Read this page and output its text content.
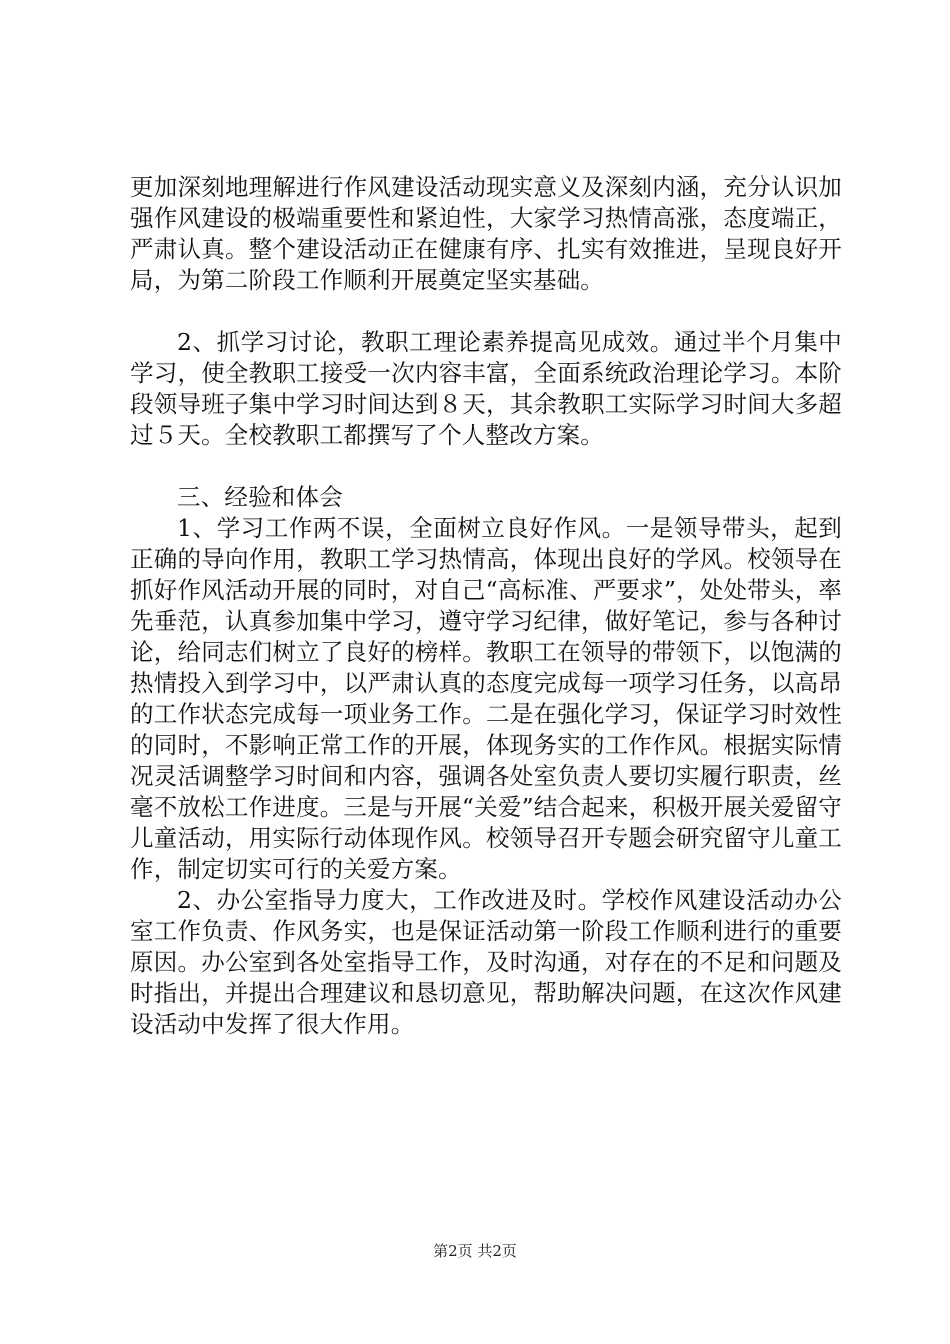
更加深刻地理解进行作风建设活动现实意义及深刻内涵，充分认识加强作风建设的极端重要性和紧迫性，大家学习热情高涨，态度端正，严肃认真。整个建设活动正在健康有序、扎实有效推进，呈现良好开局，为第二阶段工作顺利开展奠定坚实基础。

2、抓学习讨论，教职工理论素养提高见成效。通过半个月集中学习，使全教职工接受一次内容丰富，全面系统政治理论学习。本阶段领导班子集中学习时间达到８天，其余教职工实际学习时间大多超过５天。全校教职工都撰写了个人整改方案。

三、经验和体会

1、学习工作两不误，全面树立良好作风。一是领导带头，起到正确的导向作用，教职工学习热情高，体现出良好的学风。校领导在抓好作风活动开展的同时，对自己“高标准、严要求”，处处带头，率先垂范，认真参加集中学习，遵守学习纪律，做好笔记，参与各种讨论，给同志们树立了良好的榜样。教职工在领导的带领下，以饱满的热情投入到学习中，以严肃认真的态度完成每一项学习任务，以高昂的工作状态完成每一项业务工作。二是在强化学习，保证学习时效性的同时，不影响正常工作的开展，体现务实的工作作风。根据实际情况灵活调整学习时间和内容，强调各处室负责人要切实履行职责，丝毫不放松工作进度。三是与开展“关爱”结合起来，积极开展关爱留守儿童活动，用实际行动体现作风。校领导召开专题会研究留守儿童工作，制定切实可行的关爱方案。

2、办公室指导力度大，工作改进及时。学校作风建设活动办公室工作负责、作风务实，也是保证活动第一阶段工作顺利进行的重要原因。办公室到各处室指导工作，及时沟通，对存在的不足和问题及时指出，并提出合理建议和恳切意见，帮助解决问题，在这次作风建设活动中发挥了很大作用。

第2页 共2页
